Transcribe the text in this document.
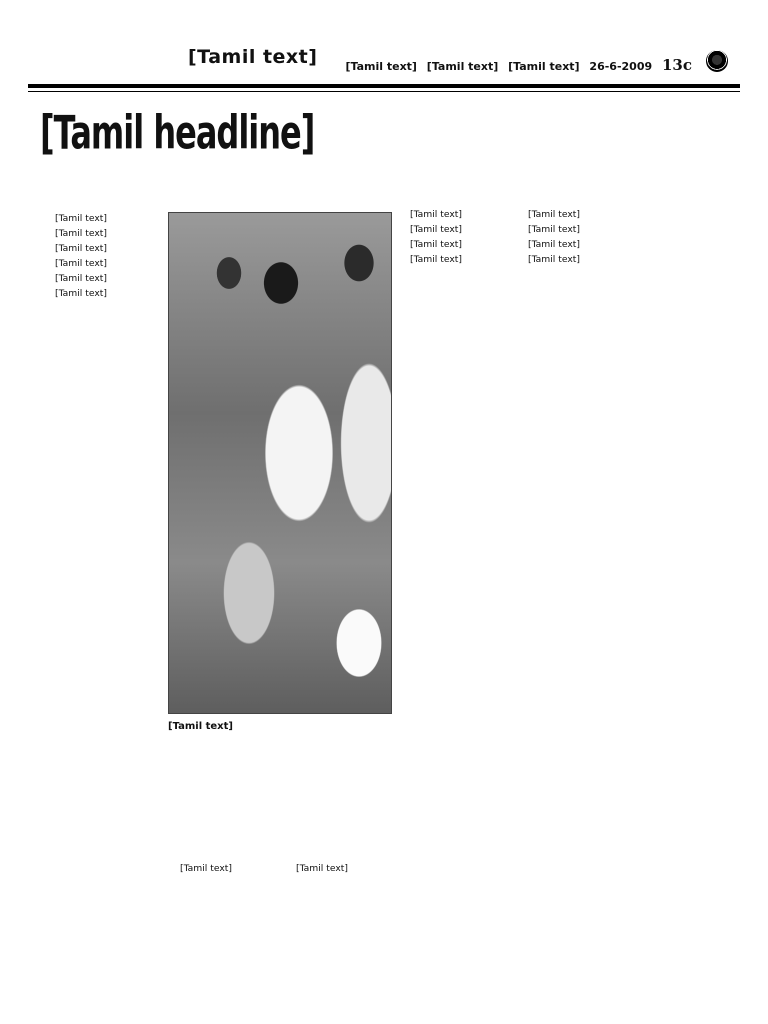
[Tamil text]	[Tamil text] [Tamil text] [Tamil text] 26-6-2009 13c
[Tamil headline]

[Tamil text]

[Tamil text]

[Tamil text]

[Tamil text]

[Tamil text]

[Tamil text]

[Tamil text]

[Tamil text]

[Tamil text]

[Tamil text]

[Tamil text]

[Tamil text]

[Tamil text]

[Tamil text]

[Tamil text]

[Tamil text]	[Tamil text]
